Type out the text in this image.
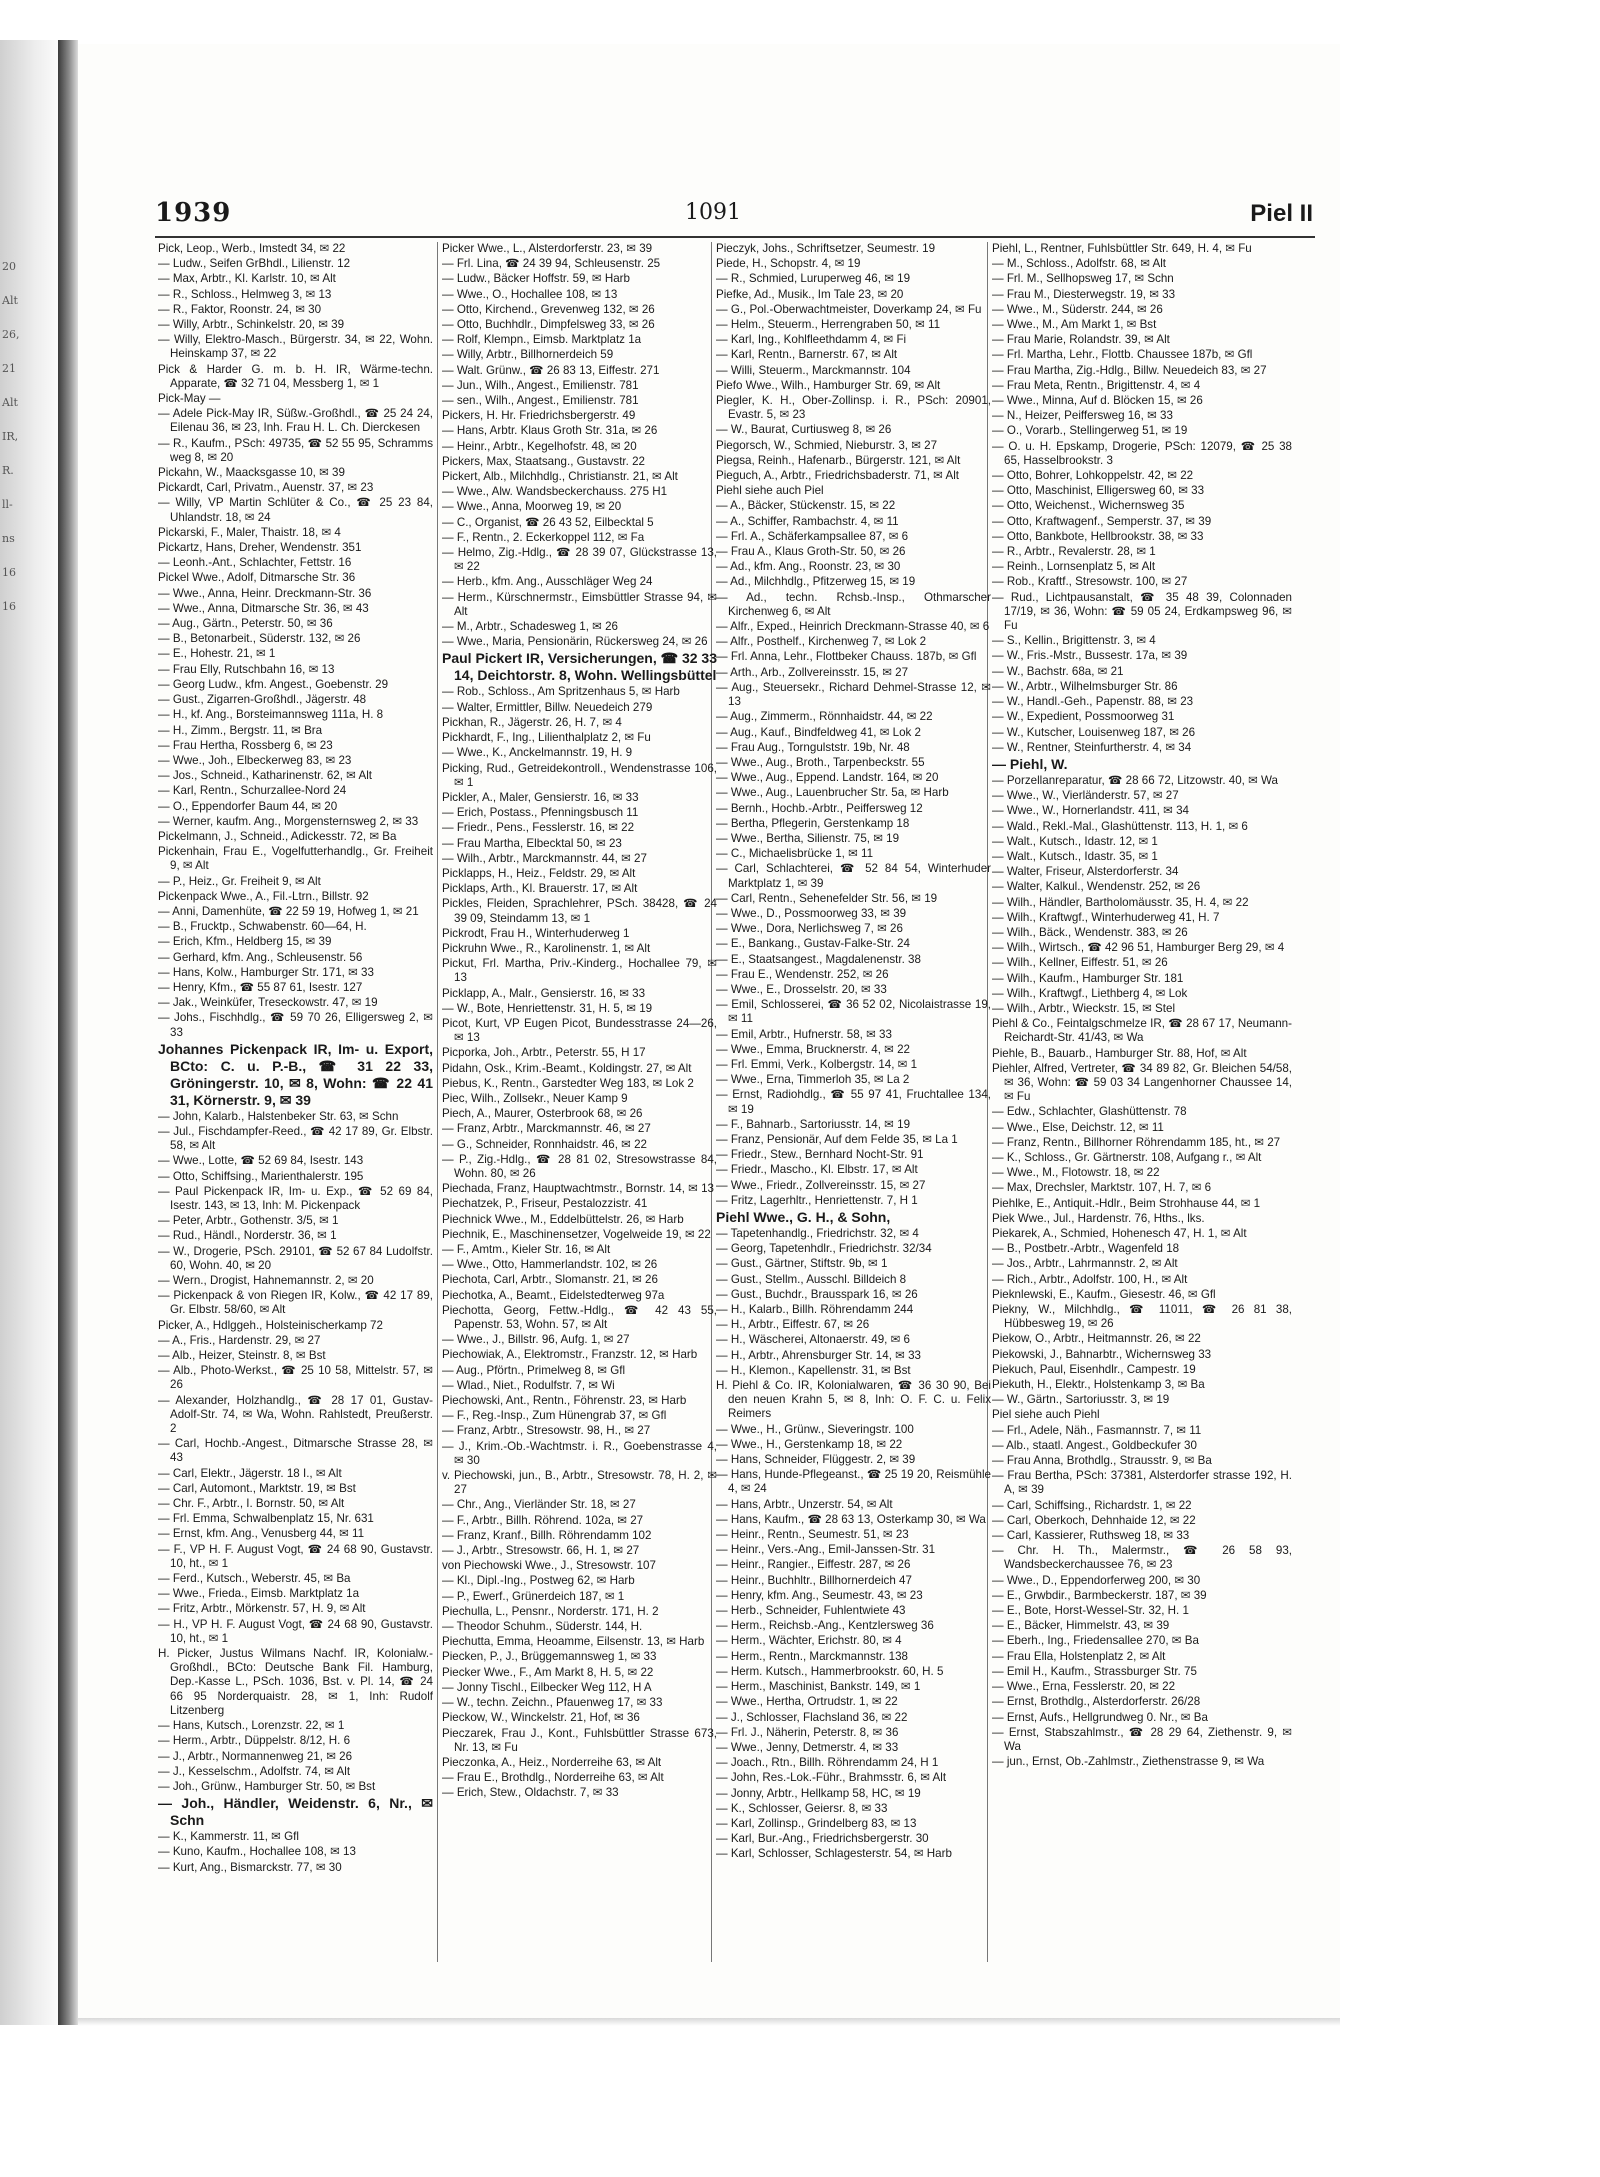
20
Alt
26,
21
Alt
IR,
R.
ll-
ns
16
16
1939	1091	Piel II
Pick, Leop., Werb., Imstedt 34, ✉ 22
— Ludw., Seifen GrBhdl., Lilienstr. 12
— Max, Arbtr., Kl. Karlstr. 10, ✉ Alt
— R., Schloss., Helmweg 3, ✉ 13
— R., Faktor, Roonstr. 24, ✉ 30
— Willy, Arbtr., Schinkelstr. 20, ✉ 39
— Willy, Elektro-Masch., Bürgerstr. 34, ✉ 22, Wohn. Heinskamp 37, ✉ 22
Pick & Harder G. m. b. H. IR, Wärme-techn. Apparate, ☎ 32 71 04, Messberg 1, ✉ 1
Pick-May —
— Adele Pick-May IR, Süßw.-Großhdl., ☎ 25 24 24, Eilenau 36, ✉ 23, Inh. Frau H. L. Ch. Dierckesen
— R., Kaufm., PSch: 49735, ☎ 52 55 95, Schramms weg 8, ✉ 20
Pickahn, W., Maacksgasse 10, ✉ 39
Pickardt, Carl, Privatm., Auenstr. 37, ✉ 23
— Willy, VP Martin Schlüter & Co., ☎ 25 23 84, Uhlandstr. 18, ✉ 24
Pickarski, F., Maler, Thaistr. 18, ✉ 4
Pickartz, Hans, Dreher, Wendenstr. 351
— Leonh.-Ant., Schlachter, Fettstr. 16
Pickel Wwe., Adolf, Ditmarsche Str. 36
— Wwe., Anna, Heinr. Dreckmann-Str. 36
— Wwe., Anna, Ditmarsche Str. 36, ✉ 43
— Aug., Gärtn., Peterstr. 50, ✉ 36
— B., Betonarbeit., Süderstr. 132, ✉ 26
— E., Hohestr. 21, ✉ 1
— Frau Elly, Rutschbahn 16, ✉ 13
— Georg Ludw., kfm. Angest., Goebenstr. 29
— Gust., Zigarren-Großhdl., Jägerstr. 48
— H., kf. Ang., Borsteimannsweg 111a, H. 8
— H., Zimm., Bergstr. 11, ✉ Bra
— Frau Hertha, Rossberg 6, ✉ 23
— Wwe., Joh., Elbeckerweg 83, ✉ 23
— Jos., Schneid., Katharinenstr. 62, ✉ Alt
— Karl, Rentn., Schurzallee-Nord 24
— O., Eppendorfer Baum 44, ✉ 20
— Werner, kaufm. Ang., Morgensternsweg 2, ✉ 33
Pickelmann, J., Schneid., Adickesstr. 72, ✉ Ba
Pickenhain, Frau E., Vogelfutterhandlg., Gr. Freiheit 9, ✉ Alt
— P., Heiz., Gr. Freiheit 9, ✉ Alt
Pickenpack Wwe., A., Fil.-Ltrn., Billstr. 92
— Anni, Damenhüte, ☎ 22 59 19, Hofweg 1, ✉ 21
— B., Frucktp., Schwabenstr. 60—64, H.
— Erich, Kfm., Heldberg 15, ✉ 39
— Gerhard, kfm. Ang., Schleusenstr. 56
— Hans, Kolw., Hamburger Str. 171, ✉ 33
— Henry, Kfm., ☎ 55 87 61, Isestr. 127
— Jak., Weinküfer, Treseckowstr. 47, ✉ 19
— Johs., Fischhdlg., ☎ 59 70 26, Elligersweg 2, ✉ 33
Johannes Pickenpack IR, Im- u. Export, BCto: C. u. P.-B., ☎ 31 22 33, Gröningerstr. 10, ✉ 8, Wohn: ☎ 22 41 31, Körnerstr. 9, ✉ 39
— John, Kalarb., Halstenbeker Str. 63, ✉ Schn
— Jul., Fischdampfer-Reed., ☎ 42 17 89, Gr. Elbstr. 58, ✉ Alt
— Wwe., Lotte, ☎ 52 69 84, Isestr. 143
— Otto, Schiffsing., Marienthalerstr. 195
— Paul Pickenpack IR, Im- u. Exp., ☎ 52 69 84, Isestr. 143, ✉ 13, Inh: M. Pickenpack
— Peter, Arbtr., Gothenstr. 3/5, ✉ 1
— Rud., Händl., Norderstr. 36, ✉ 1
— W., Drogerie, PSch. 29101, ☎ 52 67 84 Ludolfstr. 60, Wohn. 40, ✉ 20
— Wern., Drogist, Hahnemannstr. 2, ✉ 20
— Pickenpack & von Riegen IR, Kolw., ☎ 42 17 89, Gr. Elbstr. 58/60, ✉ Alt
Picker, A., Hdlggeh., Holsteinischerkamp 72
— A., Fris., Hardenstr. 29, ✉ 27
— Alb., Heizer, Steinstr. 8, ✉ Bst
— Alb., Photo-Werkst., ☎ 25 10 58, Mittelstr. 57, ✉ 26
— Alexander, Holzhandlg., ☎ 28 17 01, Gustav-Adolf-Str. 74, ✉ Wa, Wohn. Rahlstedt, Preußerstr. 2
— Carl, Hochb.-Angest., Ditmarsche Strasse 28, ✉ 43
— Carl, Elektr., Jägerstr. 18 I., ✉ Alt
— Carl, Automont., Marktstr. 19, ✉ Bst
— Chr. F., Arbtr., I. Bornstr. 50, ✉ Alt
— Frl. Emma, Schwalbenplatz 15, Nr. 631
— Ernst, kfm. Ang., Venusberg 44, ✉ 11
— F., VP H. F. August Vogt, ☎ 24 68 90, Gustavstr. 10, ht., ✉ 1
— Ferd., Kutsch., Weberstr. 45, ✉ Ba
— Wwe., Frieda., Eimsb. Marktplatz 1a
— Fritz, Arbtr., Mörkenstr. 57, H. 9, ✉ Alt
— H., VP H. F. August Vogt, ☎ 24 68 90, Gustavstr. 10, ht., ✉ 1
H. Picker, Justus Wilmans Nachf. IR, Kolonialw.-Großhdl., BCto: Deutsche Bank Fil. Hamburg, Dep.-Kasse L., PSch. 1036, Bst. v. Pl. 14, ☎ 24 66 95 Norderquaistr. 28, ✉ 1, Inh: Rudolf Litzenberg
— Hans, Kutsch., Lorenzstr. 22, ✉ 1
— Herm., Arbtr., Düppelstr. 8/12, H. 6
— J., Arbtr., Normannenweg 21, ✉ 26
— J., Kesselschm., Adolfstr. 74, ✉ Alt
— Joh., Grünw., Hamburger Str. 50, ✉ Bst
— Joh., Händler, Weidenstr. 6, Nr., ✉ Schn
— K., Kammerstr. 11, ✉ Gfl
— Kuno, Kaufm., Hochallee 108, ✉ 13
— Kurt, Ang., Bismarckstr. 77, ✉ 30
Picker Wwe., L., Alsterdorferstr. 23, ✉ 39
— Frl. Lina, ☎ 24 39 94, Schleusenstr. 25
— Ludw., Bäcker Hoffstr. 59, ✉ Harb
— Wwe., O., Hochallee 108, ✉ 13
— Otto, Kirchend., Grevenweg 132, ✉ 26
— Otto, Buchhdlr., Dimpfelsweg 33, ✉ 26
— Rolf, Klempn., Eimsb. Marktplatz 1a
— Willy, Arbtr., Billhornerdeich 59
— Walt. Grünw., ☎ 26 83 13, Eiffestr. 271
— Jun., Wilh., Angest., Emilienstr. 781
— sen., Wilh., Angest., Emilienstr. 781
Pickers, H. Hr. Friedrichsbergerstr. 49
— Hans, Arbtr. Klaus Groth Str. 31a, ✉ 26
— Heinr., Arbtr., Kegelhofstr. 48, ✉ 20
Pickers, Max, Staatsang., Gustavstr. 22
Pickert, Alb., Milchhdlg., Christianstr. 21, ✉ Alt
— Wwe., Alw. Wandsbeckerchauss. 275 H1
— Wwe., Anna, Moorweg 19, ✉ 20
— C., Organist, ☎ 26 43 52, Eilbecktal 5
— F., Rentn., 2. Eckerkoppel 112, ✉ Fa
— Helmo, Zig.-Hdlg., ☎ 28 39 07, Glückstrasse 13, ✉ 22
— Herb., kfm. Ang., Ausschläger Weg 24
— Herm., Kürschnermstr., Eimsbüttler Strasse 94, ✉ Alt
— M., Arbtr., Schadesweg 1, ✉ 26
— Wwe., Maria, Pensionärin, Rückersweg 24, ✉ 26
Paul Pickert IR, Versicherungen, ☎ 32 33 14, Deichtorstr. 8, Wohn. Wellingsbüttel
— Rob., Schloss., Am Spritzenhaus 5, ✉ Harb
— Walter, Ermittler, Billw. Neuedeich 279
Pickhan, R., Jägerstr. 26, H. 7, ✉ 4
Pickhardt, F., Ing., Lilienthalplatz 2, ✉ Fu
— Wwe., K., Anckelmannstr. 19, H. 9
Picking, Rud., Getreidekontroll., Wendenstrasse 106, ✉ 1
Pickler, A., Maler, Gensierstr. 16, ✉ 33
— Erich, Postass., Pfenningsbusch 11
— Friedr., Pens., Fesslerstr. 16, ✉ 22
— Frau Martha, Elbecktal 50, ✉ 23
— Wilh., Arbtr., Marckmannstr. 44, ✉ 27
Picklapps, H., Heiz., Feldstr. 29, ✉ Alt
Picklaps, Arth., Kl. Brauerstr. 17, ✉ Alt
Pickles, Fleiden, Sprachlehrer, PSch. 38428, ☎ 24 39 09, Steindamm 13, ✉ 1
Pickrodt, Frau H., Winterhuderweg 1
Pickruhn Wwe., R., Karolinenstr. 1, ✉ Alt
Pickut, Frl. Martha, Priv.-Kinderg., Hochallee 79, ✉ 13
Picklapp, A., Malr., Gensierstr. 16, ✉ 33
— W., Bote, Henriettenstr. 31, H. 5, ✉ 19
Picot, Kurt, VP Eugen Picot, Bundesstrasse 24—26, ✉ 13
Picporka, Joh., Arbtr., Peterstr. 55, H 17
Pidahn, Osk., Krim.-Beamt., Koldingstr. 27, ✉ Alt
Piebus, K., Rentn., Garstedter Weg 183, ✉ Lok 2
Piec, Wilh., Zollsekr., Neuer Kamp 9
Piech, A., Maurer, Osterbrook 68, ✉ 26
— Franz, Arbtr., Marckmannstr. 46, ✉ 27
— G., Schneider, Ronnhaidstr. 46, ✉ 22
— P., Zig.-Hdlg., ☎ 28 81 02, Stresowstrasse 84, Wohn. 80, ✉ 26
Piechada, Franz, Hauptwachtmstr., Bornstr. 14, ✉ 13
Piechatzek, P., Friseur, Pestalozzistr. 41
Piechnick Wwe., M., Eddelbüttelstr. 26, ✉ Harb
Piechnik, E., Maschinensetzer, Vogelweide 19, ✉ 22
— F., Amtm., Kieler Str. 16, ✉ Alt
— Wwe., Otto, Hammerlandstr. 102, ✉ 26
Piechota, Carl, Arbtr., Slomanstr. 21, ✉ 26
Piechotka, A., Beamt., Eidelstedterweg 97a
Piechotta, Georg, Fettw.-Hdlg., ☎ 42 43 55, Papenstr. 53, Wohn. 57, ✉ Alt
— Wwe., J., Billstr. 96, Aufg. 1, ✉ 27
Piechowiak, A., Elektromstr., Franzstr. 12, ✉ Harb
— Aug., Pförtn., Primelweg 8, ✉ Gfl
— Wlad., Niet., Rodulfstr. 7, ✉ Wi
Piechowski, Ant., Rentn., Föhrenstr. 23, ✉ Harb
— F., Reg.-Insp., Zum Hünengrab 37, ✉ Gfl
— Franz, Arbtr., Stresowstr. 98, H., ✉ 27
— J., Krim.-Ob.-Wachtmstr. i. R., Goebenstrasse 4, ✉ 30
v. Piechowski, jun., B., Arbtr., Stresowstr. 78, H. 2, ✉ 27
— Chr., Ang., Vierländer Str. 18, ✉ 27
— F., Arbtr., Billh. Röhrend. 102a, ✉ 27
— Franz, Kranf., Billh. Röhrendamm 102
— J., Arbtr., Stresowstr. 66, H. 1, ✉ 27
von Piechowski Wwe., J., Stresowstr. 107
— Kl., Dipl.-Ing., Postweg 62, ✉ Harb
— P., Ewerf., Grünerdeich 187, ✉ 1
Piechulla, L., Pensnr., Norderstr. 171, H. 2
— Theodor Schuhm., Süderstr. 144, H.
Piechutta, Emma, Heoamme, Eilsenstr. 13, ✉ Harb
Piecken, P., J., Brüggemannsweg 1, ✉ 33
Piecker Wwe., F., Am Markt 8, H. 5, ✉ 22
— Jonny Tischl., Eilbecker Weg 112, H A
— W., techn. Zeichn., Pfauenweg 17, ✉ 33
Pieckow, W., Winckelstr. 21, Hof, ✉ 36
Pieczarek, Frau J., Kont., Fuhlsbüttler Strasse 673, Nr. 13, ✉ Fu
Pieczonka, A., Heiz., Norderreihe 63, ✉ Alt
— Frau E., Brothdlg., Norderreihe 63, ✉ Alt
— Erich, Stew., Oldachstr. 7, ✉ 33
Pieczyk, Johs., Schriftsetzer, Seumestr. 19
Piede, H., Schopstr. 4, ✉ 19
— R., Schmied, Luruperweg 46, ✉ 19
Piefke, Ad., Musik., Im Tale 23, ✉ 20
— G., Pol.-Oberwachtmeister, Doverkamp 24, ✉ Fu
— Helm., Steuerm., Herrengraben 50, ✉ 11
— Karl, Ing., Kohlfleethdamm 4, ✉ Fi
— Karl, Rentn., Barnerstr. 67, ✉ Alt
— Willi, Steuerm., Marckmannstr. 104
Piefo Wwe., Wilh., Hamburger Str. 69, ✉ Alt
Piegler, K. H., Ober-Zollinsp. i. R., PSch: 20901, Evastr. 5, ✉ 23
— W., Baurat, Curtiusweg 8, ✉ 26
Piegorsch, W., Schmied, Nieburstr. 3, ✉ 27
Piegsa, Reinh., Hafenarb., Bürgerstr. 121, ✉ Alt
Pieguch, A., Arbtr., Friedrichsbaderstr. 71, ✉ Alt
Piehl siehe auch Piel
— A., Bäcker, Stückenstr. 15, ✉ 22
— A., Schiffer, Rambachstr. 4, ✉ 11
— Frl. A., Schäferkampsallee 87, ✉ 6
— Frau A., Klaus Groth-Str. 50, ✉ 26
— Ad., kfm. Ang., Roonstr. 23, ✉ 30
— Ad., Milchhdlg., Pfitzerweg 15, ✉ 19
— Ad., techn. Rchsb.-Insp., Othmarscher Kirchenweg 6, ✉ Alt
— Alfr., Exped., Heinrich Dreckmann-Strasse 40, ✉ 6
— Alfr., Posthelf., Kirchenweg 7, ✉ Lok 2
— Frl. Anna, Lehr., Flottbeker Chauss. 187b, ✉ Gfl
— Arth., Arb., Zollvereinsstr. 15, ✉ 27
— Aug., Steuersekr., Richard Dehmel-Strasse 12, ✉ 13
— Aug., Zimmerm., Rönnhaidstr. 44, ✉ 22
— Aug., Kauf., Bindfeldweg 41, ✉ Lok 2
— Frau Aug., Torngulststr. 19b, Nr. 48
— Wwe., Aug., Broth., Tarpenbeckstr. 55
— Wwe., Aug., Eppend. Landstr. 164, ✉ 20
— Wwe., Aug., Lauenbrucher Str. 5a, ✉ Harb
— Bernh., Hochb.-Arbtr., Peiffersweg 12
— Bertha, Pflegerin, Gerstenkamp 18
— Wwe., Bertha, Silienstr. 75, ✉ 19
— C., Michaelisbrücke 1, ✉ 11
— Carl, Schlachterei, ☎ 52 84 54, Winterhuder Marktplatz 1, ✉ 39
— Carl, Rentn., Sehenefelder Str. 56, ✉ 19
— Wwe., D., Possmoorweg 33, ✉ 39
— Wwe., Dora, Nerlichsweg 7, ✉ 26
— E., Bankang., Gustav-Falke-Str. 24
— E., Staatsangest., Magdalenenstr. 38
— Frau E., Wendenstr. 252, ✉ 26
— Wwe., E., Drosselstr. 20, ✉ 33
— Emil, Schlosserei, ☎ 36 52 02, Nicolaistrasse 19, ✉ 11
— Emil, Arbtr., Hufnerstr. 58, ✉ 33
— Wwe., Emma, Brucknerstr. 4, ✉ 22
— Frl. Emmi, Verk., Kolbergstr. 14, ✉ 1
— Wwe., Erna, Timmerloh 35, ✉ La 2
— Ernst, Radiohdlg., ☎ 55 97 41, Fruchtallee 134, ✉ 19
— F., Bahnarb., Sartoriusstr. 14, ✉ 19
— Franz, Pensionär, Auf dem Felde 35, ✉ La 1
— Friedr., Stew., Bernhard Nocht-Str. 91
— Friedr., Mascho., Kl. Elbstr. 17, ✉ Alt
— Wwe., Friedr., Zollvereinsstr. 15, ✉ 27
— Fritz, Lagerhltr., Henriettenstr. 7, H 1
Piehl Wwe., G. H., & Sohn,
— Tapetenhandlg., Friedrichstr. 32, ✉ 4
— Georg, Tapetenhdlr., Friedrichstr. 32/34
— Gust., Gärtner, Stiftstr. 9b, ✉ 1
— Gust., Stellm., Ausschl. Billdeich 8
— Gust., Buchdr., Brausspark 16, ✉ 26
— H., Kalarb., Billh. Röhrendamm 244
— H., Arbtr., Eiffestr. 67, ✉ 26
— H., Wäscherei, Altonaerstr. 49, ✉ 6
— H., Arbtr., Ahrensburger Str. 14, ✉ 33
— H., Klemon., Kapellenstr. 31, ✉ Bst
H. Piehl & Co. IR, Kolonialwaren, ☎ 36 30 90, Bei den neuen Krahn 5, ✉ 8, Inh: O. F. C. u. Felix Reimers
— Wwe., H., Grünw., Sieveringstr. 100
— Wwe., H., Gerstenkamp 18, ✉ 22
— Hans, Schneider, Flüggestr. 2, ✉ 39
— Hans, Hunde-Pflegeanst., ☎ 25 19 20, Reismühle 4, ✉ 24
— Hans, Arbtr., Unzerstr. 54, ✉ Alt
— Hans, Kaufm., ☎ 28 63 13, Osterkamp 30, ✉ Wa
— Heinr., Rentn., Seumestr. 51, ✉ 23
— Heinr., Vers.-Ang., Emil-Janssen-Str. 31
— Heinr., Rangier., Eiffestr. 287, ✉ 26
— Heinr., Buchhltr., Billhornerdeich 47
— Henry, kfm. Ang., Seumestr. 43, ✉ 23
— Herb., Schneider, Fuhlentwiete 43
— Herm., Reichsb.-Ang., Kentzlersweg 36
— Herm., Wächter, Erichstr. 80, ✉ 4
— Herm., Rentn., Marckmannstr. 138
— Herm. Kutsch., Hammerbrookstr. 60, H. 5
— Herm., Maschinist, Bankstr. 149, ✉ 1
— Wwe., Hertha, Ortrudstr. 1, ✉ 22
— J., Schlosser, Flachsland 36, ✉ 22
— Frl. J., Näherin, Peterstr. 8, ✉ 36
— Wwe., Jenny, Detmerstr. 4, ✉ 33
— Joach., Rtn., Billh. Röhrendamm 24, H 1
— John, Res.-Lok.-Führ., Brahmsstr. 6, ✉ Alt
— Jonny, Arbtr., Hellkamp 58, HC, ✉ 19
— K., Schlosser, Geiersr. 8, ✉ 33
— Karl, Zollinsp., Grindelberg 83, ✉ 13
— Karl, Bur.-Ang., Friedrichsbergerstr. 30
— Karl, Schlosser, Schlagesterstr. 54, ✉ Harb
Piehl, L., Rentner, Fuhlsbüttler Str. 649, H. 4, ✉ Fu
— M., Schloss., Adolfstr. 68, ✉ Alt
— Frl. M., Sellhopsweg 17, ✉ Schn
— Frau M., Diesterwegstr. 19, ✉ 33
— Wwe., M., Süderstr. 244, ✉ 26
— Wwe., M., Am Markt 1, ✉ Bst
— Frau Marie, Rolandstr. 39, ✉ Alt
— Frl. Martha, Lehr., Flottb. Chaussee 187b, ✉ Gfl
— Frau Martha, Zig.-Hdlg., Billw. Neuedeich 83, ✉ 27
— Frau Meta, Rentn., Brigittenstr. 4, ✉ 4
— Wwe., Minna, Auf d. Blöcken 15, ✉ 26
— N., Heizer, Peiffersweg 16, ✉ 33
— O., Vorarb., Stellingerweg 51, ✉ 19
— O. u. H. Epskamp, Drogerie, PSch: 12079, ☎ 25 38 65, Hasselbrookstr. 3
— Otto, Bohrer, Lohkoppelstr. 42, ✉ 22
— Otto, Maschinist, Elligersweg 60, ✉ 33
— Otto, Weichenst., Wichernsweg 35
— Otto, Kraftwagenf., Semperstr. 37, ✉ 39
— Otto, Bankbote, Hellbrookstr. 38, ✉ 33
— R., Arbtr., Revalerstr. 28, ✉ 1
— Reinh., Lornsenplatz 5, ✉ Alt
— Rob., Kraftf., Stresowstr. 100, ✉ 27
— Rud., Lichtpausanstalt, ☎ 35 48 39, Colonnaden 17/19, ✉ 36, Wohn: ☎ 59 05 24, Erdkampsweg 96, ✉ Fu
— S., Kellin., Brigittenstr. 3, ✉ 4
— W., Fris.-Mstr., Bussestr. 17a, ✉ 39
— W., Bachstr. 68a, ✉ 21
— W., Arbtr., Wilhelmsburger Str. 86
— W., Handl.-Geh., Papenstr. 88, ✉ 23
— W., Expedient, Possmoorweg 31
— W., Kutscher, Louisenweg 187, ✉ 26
— W., Rentner, Steinfurtherstr. 4, ✉ 34
— Piehl, W.
— Porzellanreparatur, ☎ 28 66 72, Litzowstr. 40, ✉ Wa
— Wwe., W., Vierländerstr. 57, ✉ 27
— Wwe., W., Hornerlandstr. 411, ✉ 34
— Wald., Rekl.-Mal., Glashüttenstr. 113, H. 1, ✉ 6
— Walt., Kutsch., Idastr. 12, ✉ 1
— Walt., Kutsch., Idastr. 35, ✉ 1
— Walter, Friseur, Alsterdorferstr. 34
— Walter, Kalkul., Wendenstr. 252, ✉ 26
— Wilh., Händler, Bartholomäusstr. 35, H. 4, ✉ 22
— Wilh., Kraftwgf., Winterhuderweg 41, H. 7
— Wilh., Bäck., Wendenstr. 383, ✉ 26
— Wilh., Wirtsch., ☎ 42 96 51, Hamburger Berg 29, ✉ 4
— Wilh., Kellner, Eiffestr. 51, ✉ 26
— Wilh., Kaufm., Hamburger Str. 181
— Wilh., Kraftwgf., Liethberg 4, ✉ Lok
— Wilh., Arbtr., Wieckstr. 15, ✉ Stel
Piehl & Co., Feintalgschmelze IR, ☎ 28 67 17, Neumann-Reichardt-Str. 41/43, ✉ Wa
Piehle, B., Bauarb., Hamburger Str. 88, Hof, ✉ Alt
Piehler, Alfred, Vertreter, ☎ 34 89 82, Gr. Bleichen 54/58, ✉ 36, Wohn: ☎ 59 03 34 Langenhorner Chaussee 14, ✉ Fu
— Edw., Schlachter, Glashüttenstr. 78
— Wwe., Else, Deichstr. 12, ✉ 11
— Franz, Rentn., Billhorner Röhrendamm 185, ht., ✉ 27
— K., Schloss., Gr. Gärtnerstr. 108, Aufgang r., ✉ Alt
— Wwe., M., Flotowstr. 18, ✉ 22
— Max, Drechsler, Marktstr. 107, H. 7, ✉ 6
Piehlke, E., Antiquit.-Hdlr., Beim Strohhause 44, ✉ 1
Piek Wwe., Jul., Hardenstr. 76, Hths., lks.
Piekarek, A., Schmied, Hohenesch 47, H. 1, ✉ Alt
— B., Postbetr.-Arbtr., Wagenfeld 18
— Jos., Arbtr., Lahrmannstr. 2, ✉ Alt
— Rich., Arbtr., Adolfstr. 100, H., ✉ Alt
Pieknlewski, E., Kaufm., Giesestr. 46, ✉ Gfl
Piekny, W., Milchhdlg., ☎ 11011, ☎ 26 81 38, Hübbesweg 19, ✉ 26
Piekow, O., Arbtr., Heitmannstr. 26, ✉ 22
Piekowski, J., Bahnarbtr., Wichernsweg 33
Piekuch, Paul, Eisenhdlr., Campestr. 19
Piekuth, H., Elektr., Holstenkamp 3, ✉ Ba
— W., Gärtn., Sartoriusstr. 3, ✉ 19
Piel siehe auch Piehl
— Frl., Adele, Näh., Fasmannstr. 7, ✉ 11
— Alb., staatl. Angest., Goldbeckufer 30
— Frau Anna, Brothdlg., Strausstr. 9, ✉ Ba
— Frau Bertha, PSch: 37381, Alsterdorfer strasse 192, H. A, ✉ 39
— Carl, Schiffsing., Richardstr. 1, ✉ 22
— Carl, Oberkoch, Dehnhaide 12, ✉ 22
— Carl, Kassierer, Ruthsweg 18, ✉ 33
— Chr. H. Th., Malermstr., ☎ 26 58 93, Wandsbeckerchaussee 76, ✉ 23
— Wwe., D., Eppendorferweg 200, ✉ 30
— E., Grwbdir., Barmbeckerstr. 187, ✉ 39
— E., Bote, Horst-Wessel-Str. 32, H. 1
— E., Bäcker, Himmelstr. 43, ✉ 39
— Eberh., Ing., Friedensallee 270, ✉ Ba
— Frau Ella, Holstenplatz 2, ✉ Alt
— Emil H., Kaufm., Strassburger Str. 75
— Wwe., Erna, Fesslerstr. 20, ✉ 22
— Ernst, Brothdlg., Alsterdorferstr. 26/28
— Ernst, Aufs., Hellgrundweg 0. Nr., ✉ Ba
— Ernst, Stabszahlmstr., ☎ 28 29 64, Ziethenstr. 9, ✉ Wa
— jun., Ernst, Ob.-Zahlmstr., Ziethenstrasse 9, ✉ Wa
